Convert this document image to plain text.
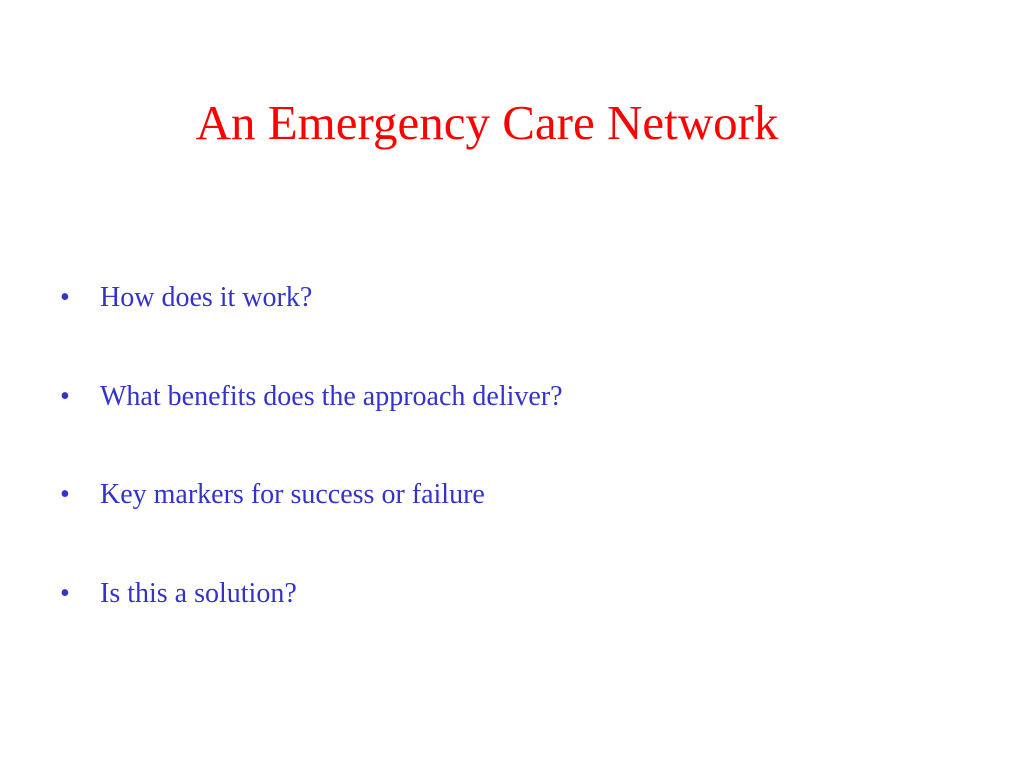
An Emergency Care Network
•	How does it work?
•	What benefits does the approach deliver?
•	Key markers for success or failure
•	Is this a solution?
